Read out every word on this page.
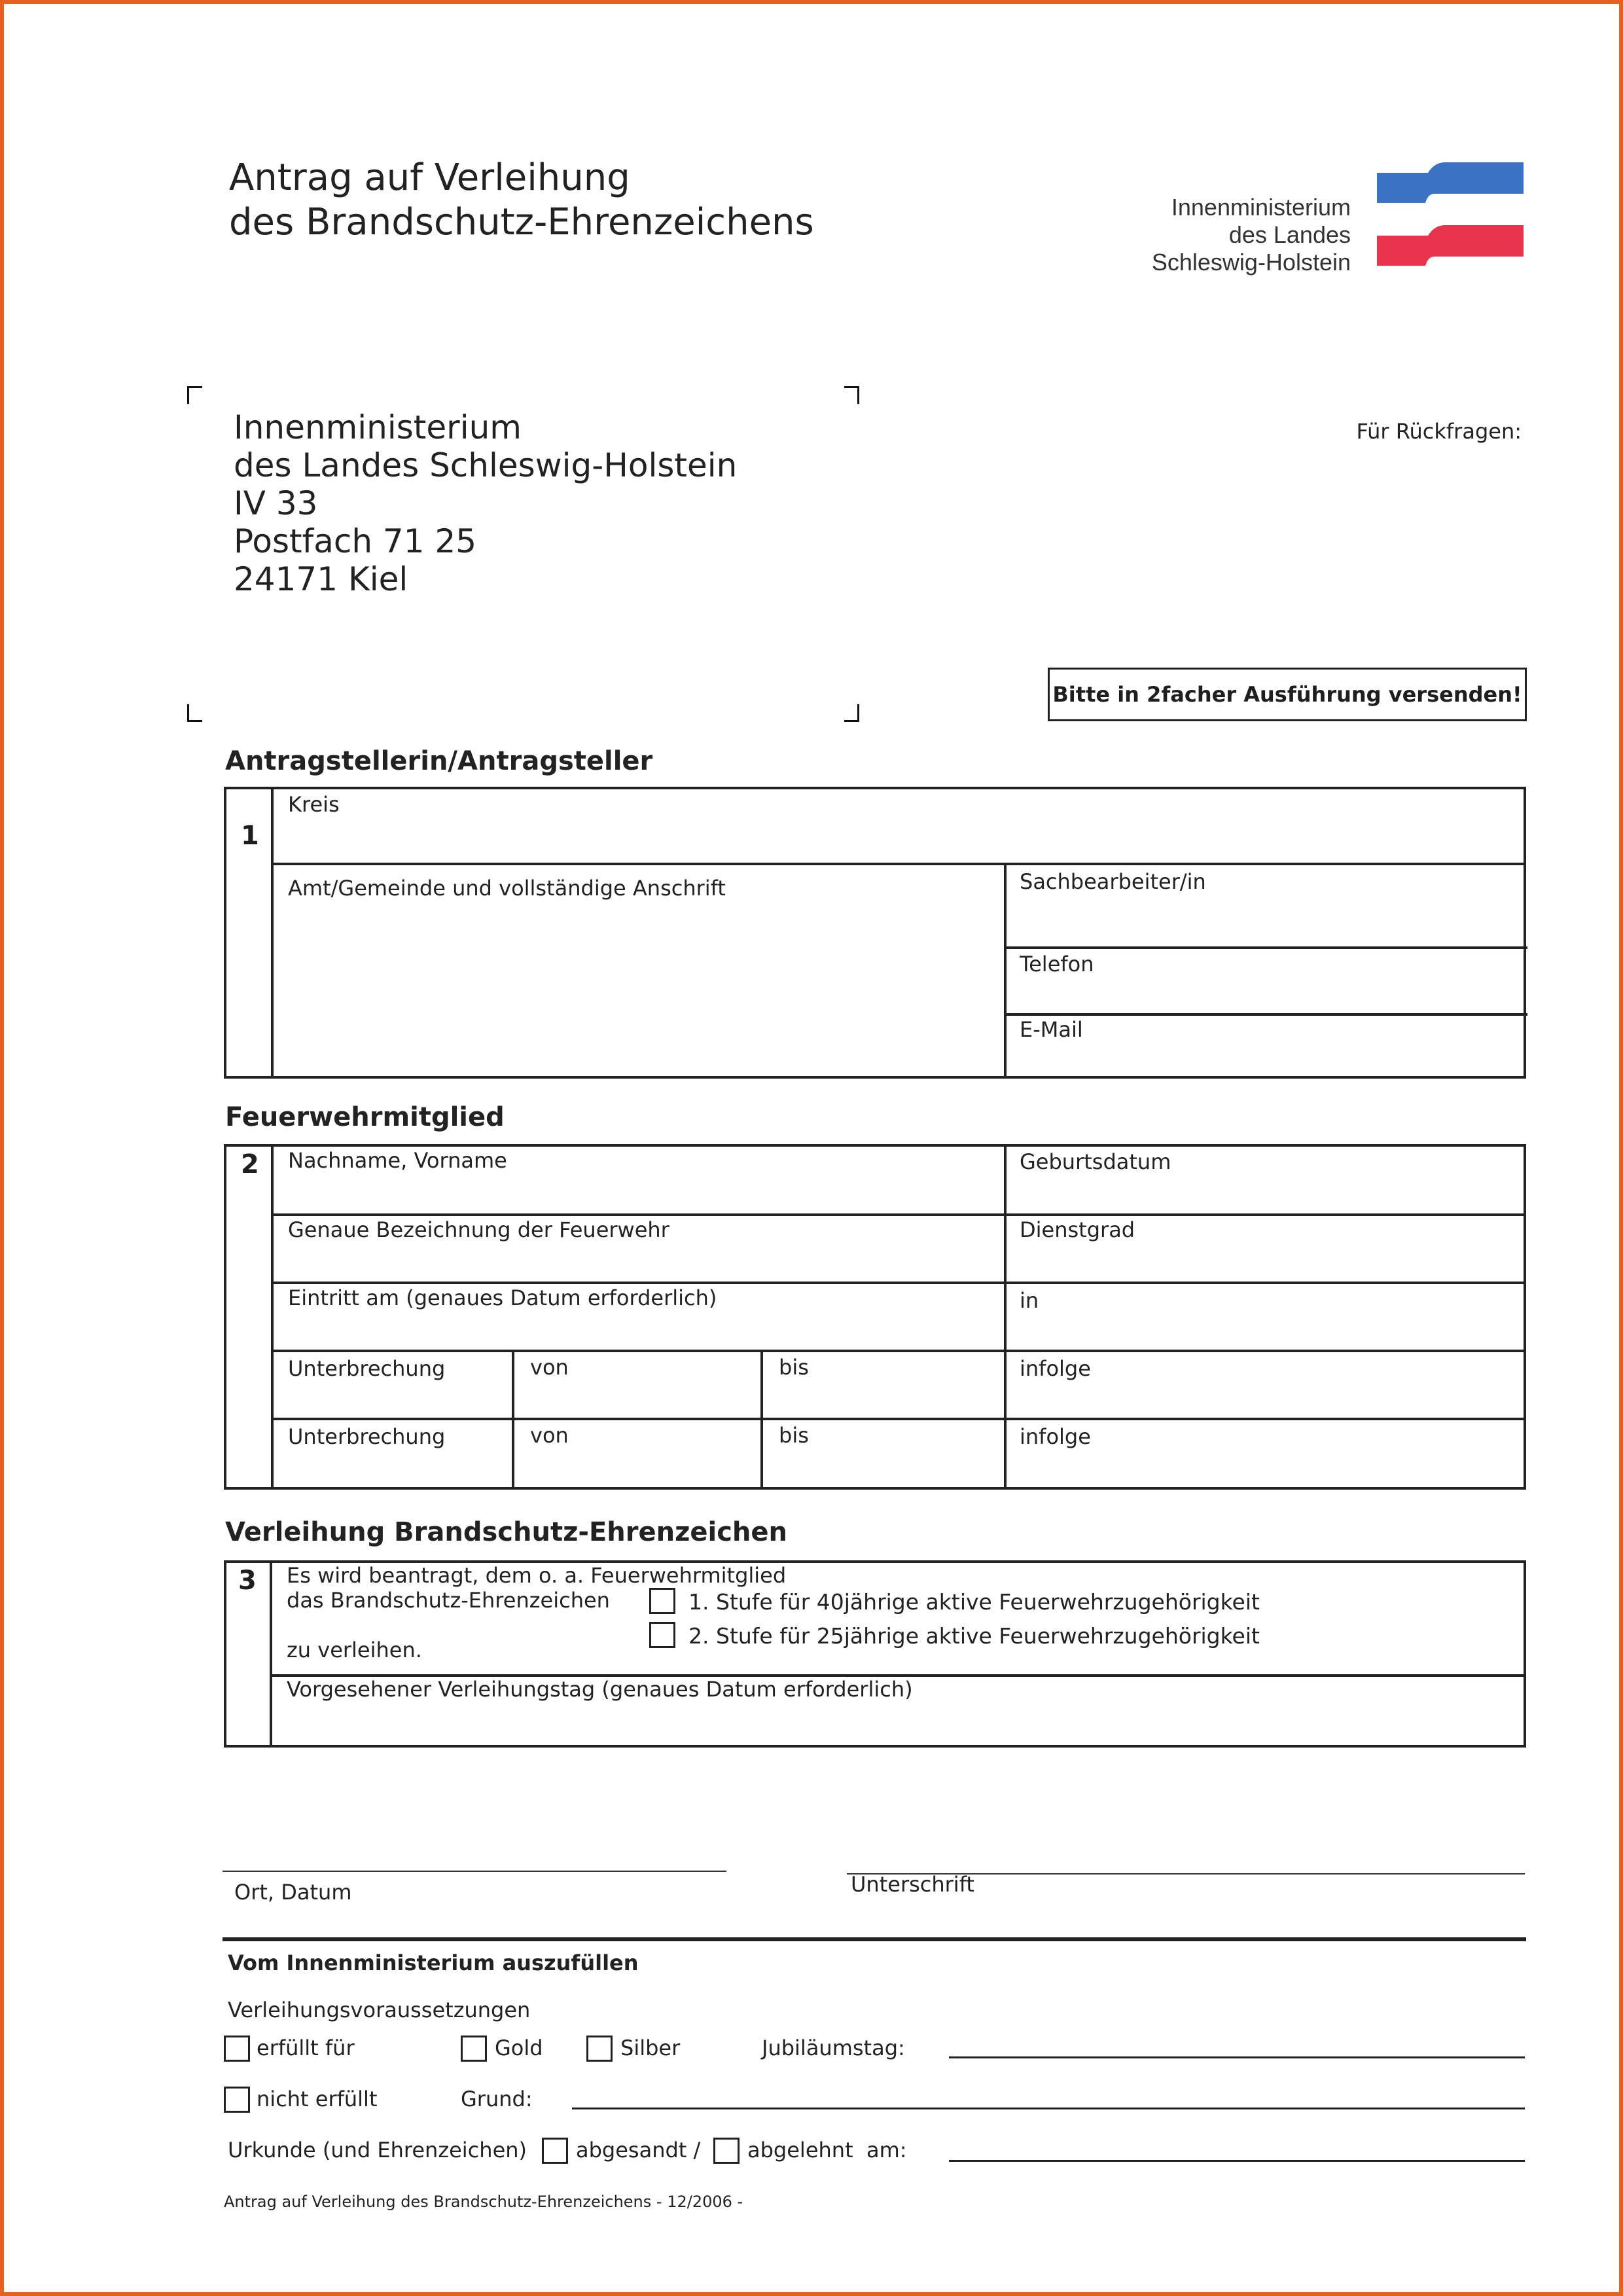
Antrag auf Verleihung
des Brandschutz-Ehrenzeichens	Innenministerium
des Landes
Schleswig-Holstein
Innenministerium
des Landes Schleswig-Holstein
IV 33
Postfach 71 25
24171 Kiel
Für Rückfragen:
Bitte in 2facher Ausführung versenden!
Antragstellerin/Antragsteller
1
Kreis
Amt/Gemeinde und vollständige Anschrift	Sachbearbeiter/in
Telefon
E-Mail
Feuerwehrmitglied
2 Nachname, Vorname	Geburtsdatum
Genaue Bezeichnung der Feuerwehr	Dienstgrad
Eintritt am (genaues Datum erforderlich)	in
Unterbrechung	von	bis	infolge
Unterbrechung	von	bis	infolge
Verleihung Brandschutz-Ehrenzeichen
3 Es wird beantragt, dem o. a. Feuerwehrmitglied
das Brandschutz-Ehrenzeichen	1. Stufe für 40jährige aktive Feuerwehrzugehörigkeit
2. Stufe für 25jährige aktive Feuerwehrzugehörigkeit
zu verleihen.
Vorgesehener Verleihungstag (genaues Datum erforderlich)
Ort, Datum	Unterschrift
Vom Innenministerium auszufüllen
Verleihungsvoraussetzungen
erfüllt für	Gold	Silber	Jubiläumstag:
nicht erfüllt	Grund:
Urkunde (und Ehrenzeichen) abgesandt / abgelehnt am:
Antrag auf Verleihung des Brandschutz-Ehrenzeichens - 12/2006 -
